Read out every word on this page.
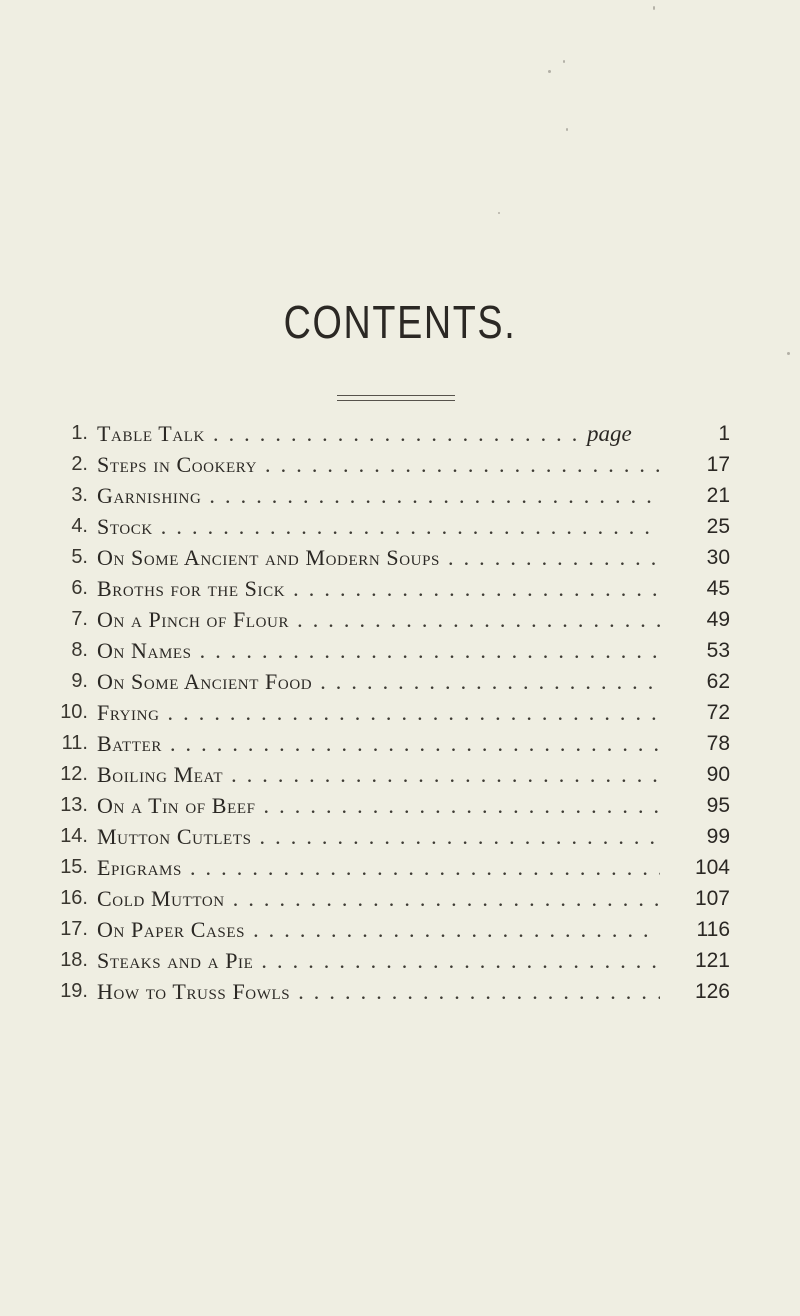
CONTENTS.
1. Table Talk . . .	page	1
2. Steps in Cookery . . .	17
3. Garnishing . . .	21
4. Stock . . .	25
5. On Some Ancient and Modern Soups . . .	30
6. Broths for the Sick . . .	45
7. On a Pinch of Flour . . .	49
8. On Names . . .	53
9. On Some Ancient Food . . .	62
10. Frying . . .	72
11. Batter . . .	78
12. Boiling Meat . . .	90
13. On a Tin of Beef . . .	95
14. Mutton Cutlets . . .	99
15. Epigrams . . .	104
16. Cold Mutton . . .	107
17. On Paper Cases . . .	116
18. Steaks and a Pie . . .	121
19. How to Truss Fowls . . .	126
